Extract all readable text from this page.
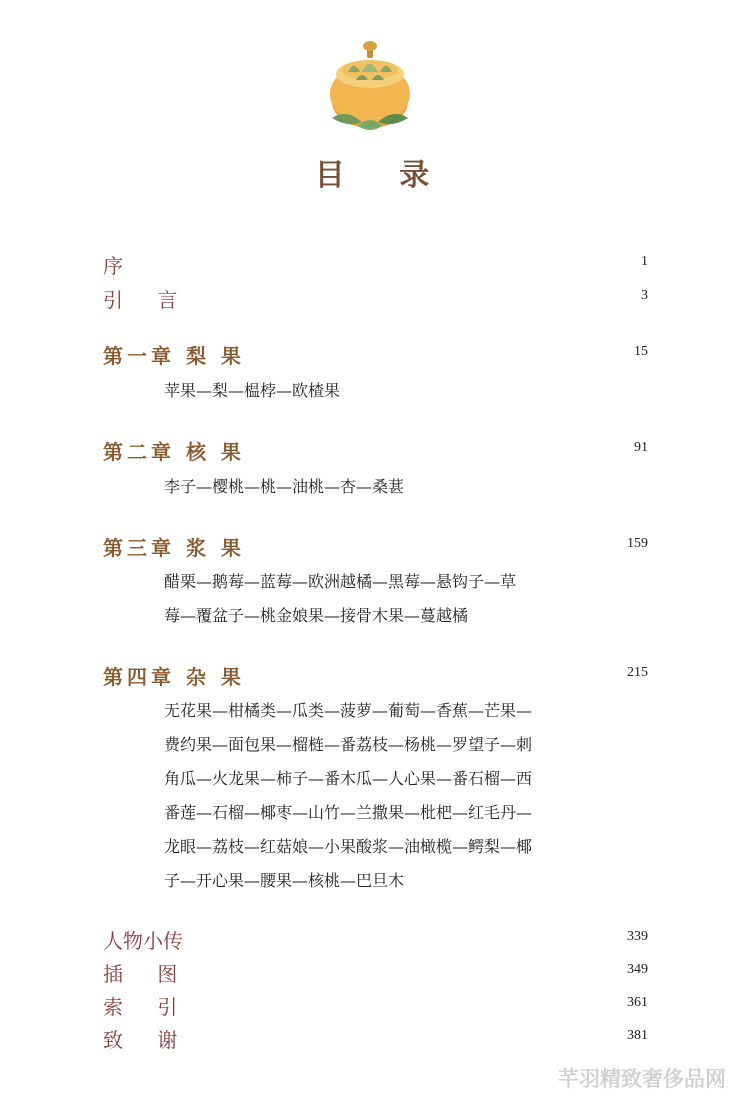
目 录
序	1
引 言	3
第一章 梨 果	15
苹果—梨—榅桲—欧楂果
第二章 核 果	91
李子—樱桃—桃—油桃—杏—桑葚
第三章 浆 果	159
醋栗—鹅莓—蓝莓—欧洲越橘—黑莓—悬钩子—草
莓—覆盆子—桃金娘果—接骨木果—蔓越橘
第四章 杂 果	215
无花果—柑橘类—瓜类—菠萝—葡萄—香蕉—芒果—
费约果—面包果—榴梿—番荔枝—杨桃—罗望子—刺
角瓜—火龙果—柿子—番木瓜—人心果—番石榴—西
番莲—石榴—椰枣—山竹—兰撒果—枇杷—红毛丹—
龙眼—荔枝—红菇娘—小果酸浆—油橄榄—鳄梨—椰
子—开心果—腰果—核桃—巴旦木
人物小传	339
插 图	349
索 引	361
致 谢	381
芊羽精致奢侈品网
